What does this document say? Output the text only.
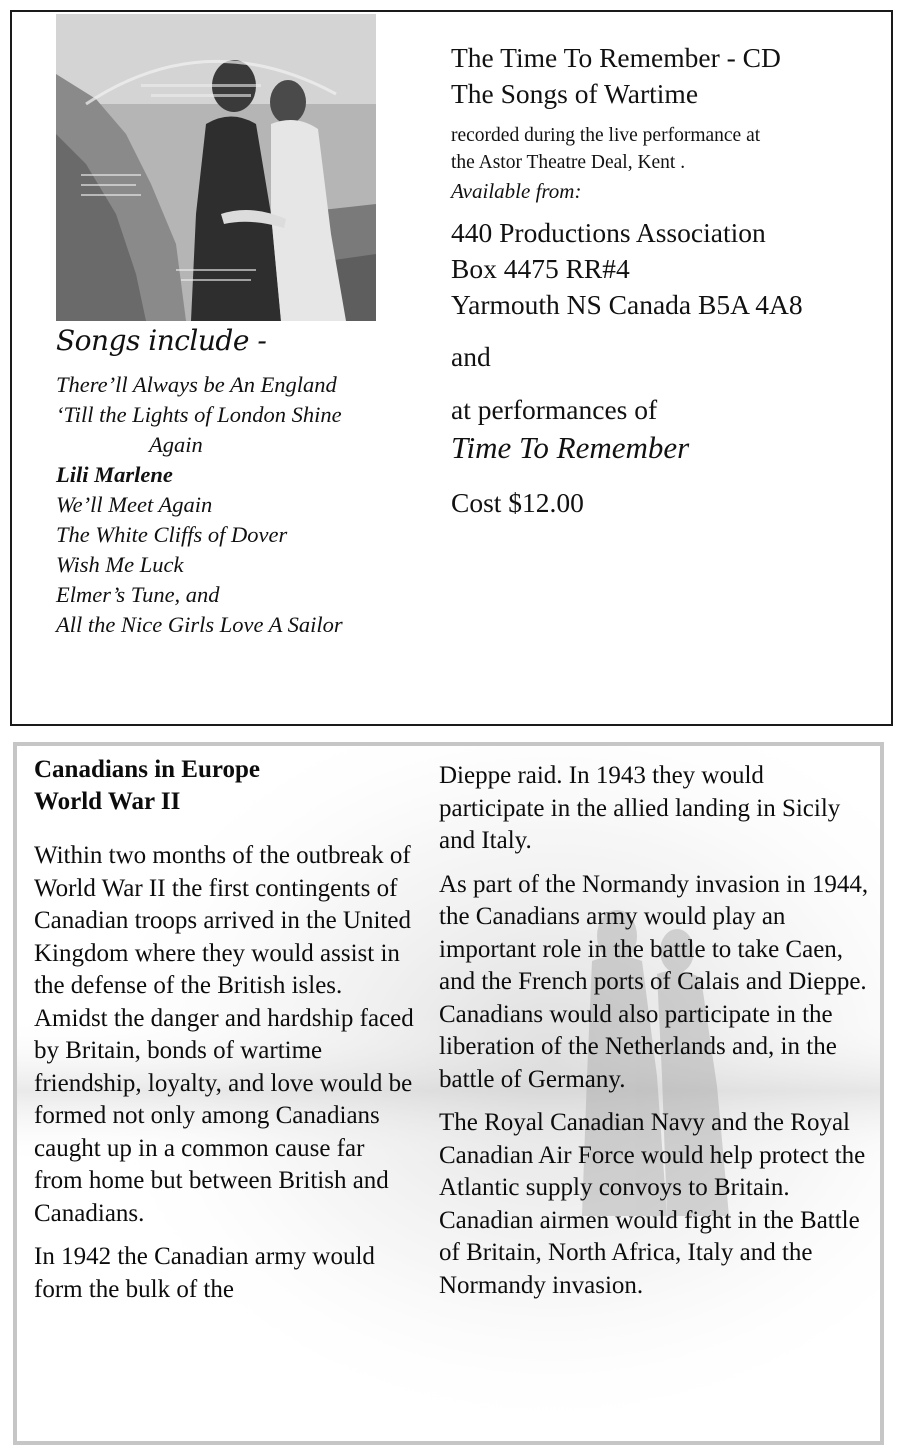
Songs include -
There’ll Always be An England
‘Till the Lights of London Shine
Again
Lili Marlene
We’ll Meet Again
The White Cliffs of Dover
Wish Me Luck
Elmer’s Tune, and
All the Nice Girls Love A Sailor

The Time To Remember - CD
The Songs of Wartime

recorded during the live performance at
the Astor Theatre Deal, Kent .

Available from:

440 Productions Association
Box 4475 RR#4
Yarmouth NS Canada B5A 4A8

and

at performances of

Time To Remember

Cost $12.00

Canadians in Europe
World War II

Within two months of the outbreak of World War II the first contingents of Canadian troops arrived in the United Kingdom where they would assist in the defense of the British isles. Amidst the danger and hardship faced by Britain, bonds of wartime friendship, loyalty, and love would be formed not only among Canadians caught up in a common cause far from home but between British and Canadians.

In 1942 the Canadian army would form the bulk of the

Dieppe raid. In 1943 they would participate in the allied landing in Sicily and Italy.

As part of the Normandy invasion in 1944, the Canadians army would play an important role in the battle to take Caen, and the French ports of Calais and Dieppe. Canadians would also participate in the liberation of the Netherlands and, in the battle of Germany.

The Royal Canadian Navy and the Royal Canadian Air Force would help protect the Atlantic supply convoys to Britain. Canadian airmen would fight in the Battle of Britain, North Africa, Italy and the Normandy invasion.
